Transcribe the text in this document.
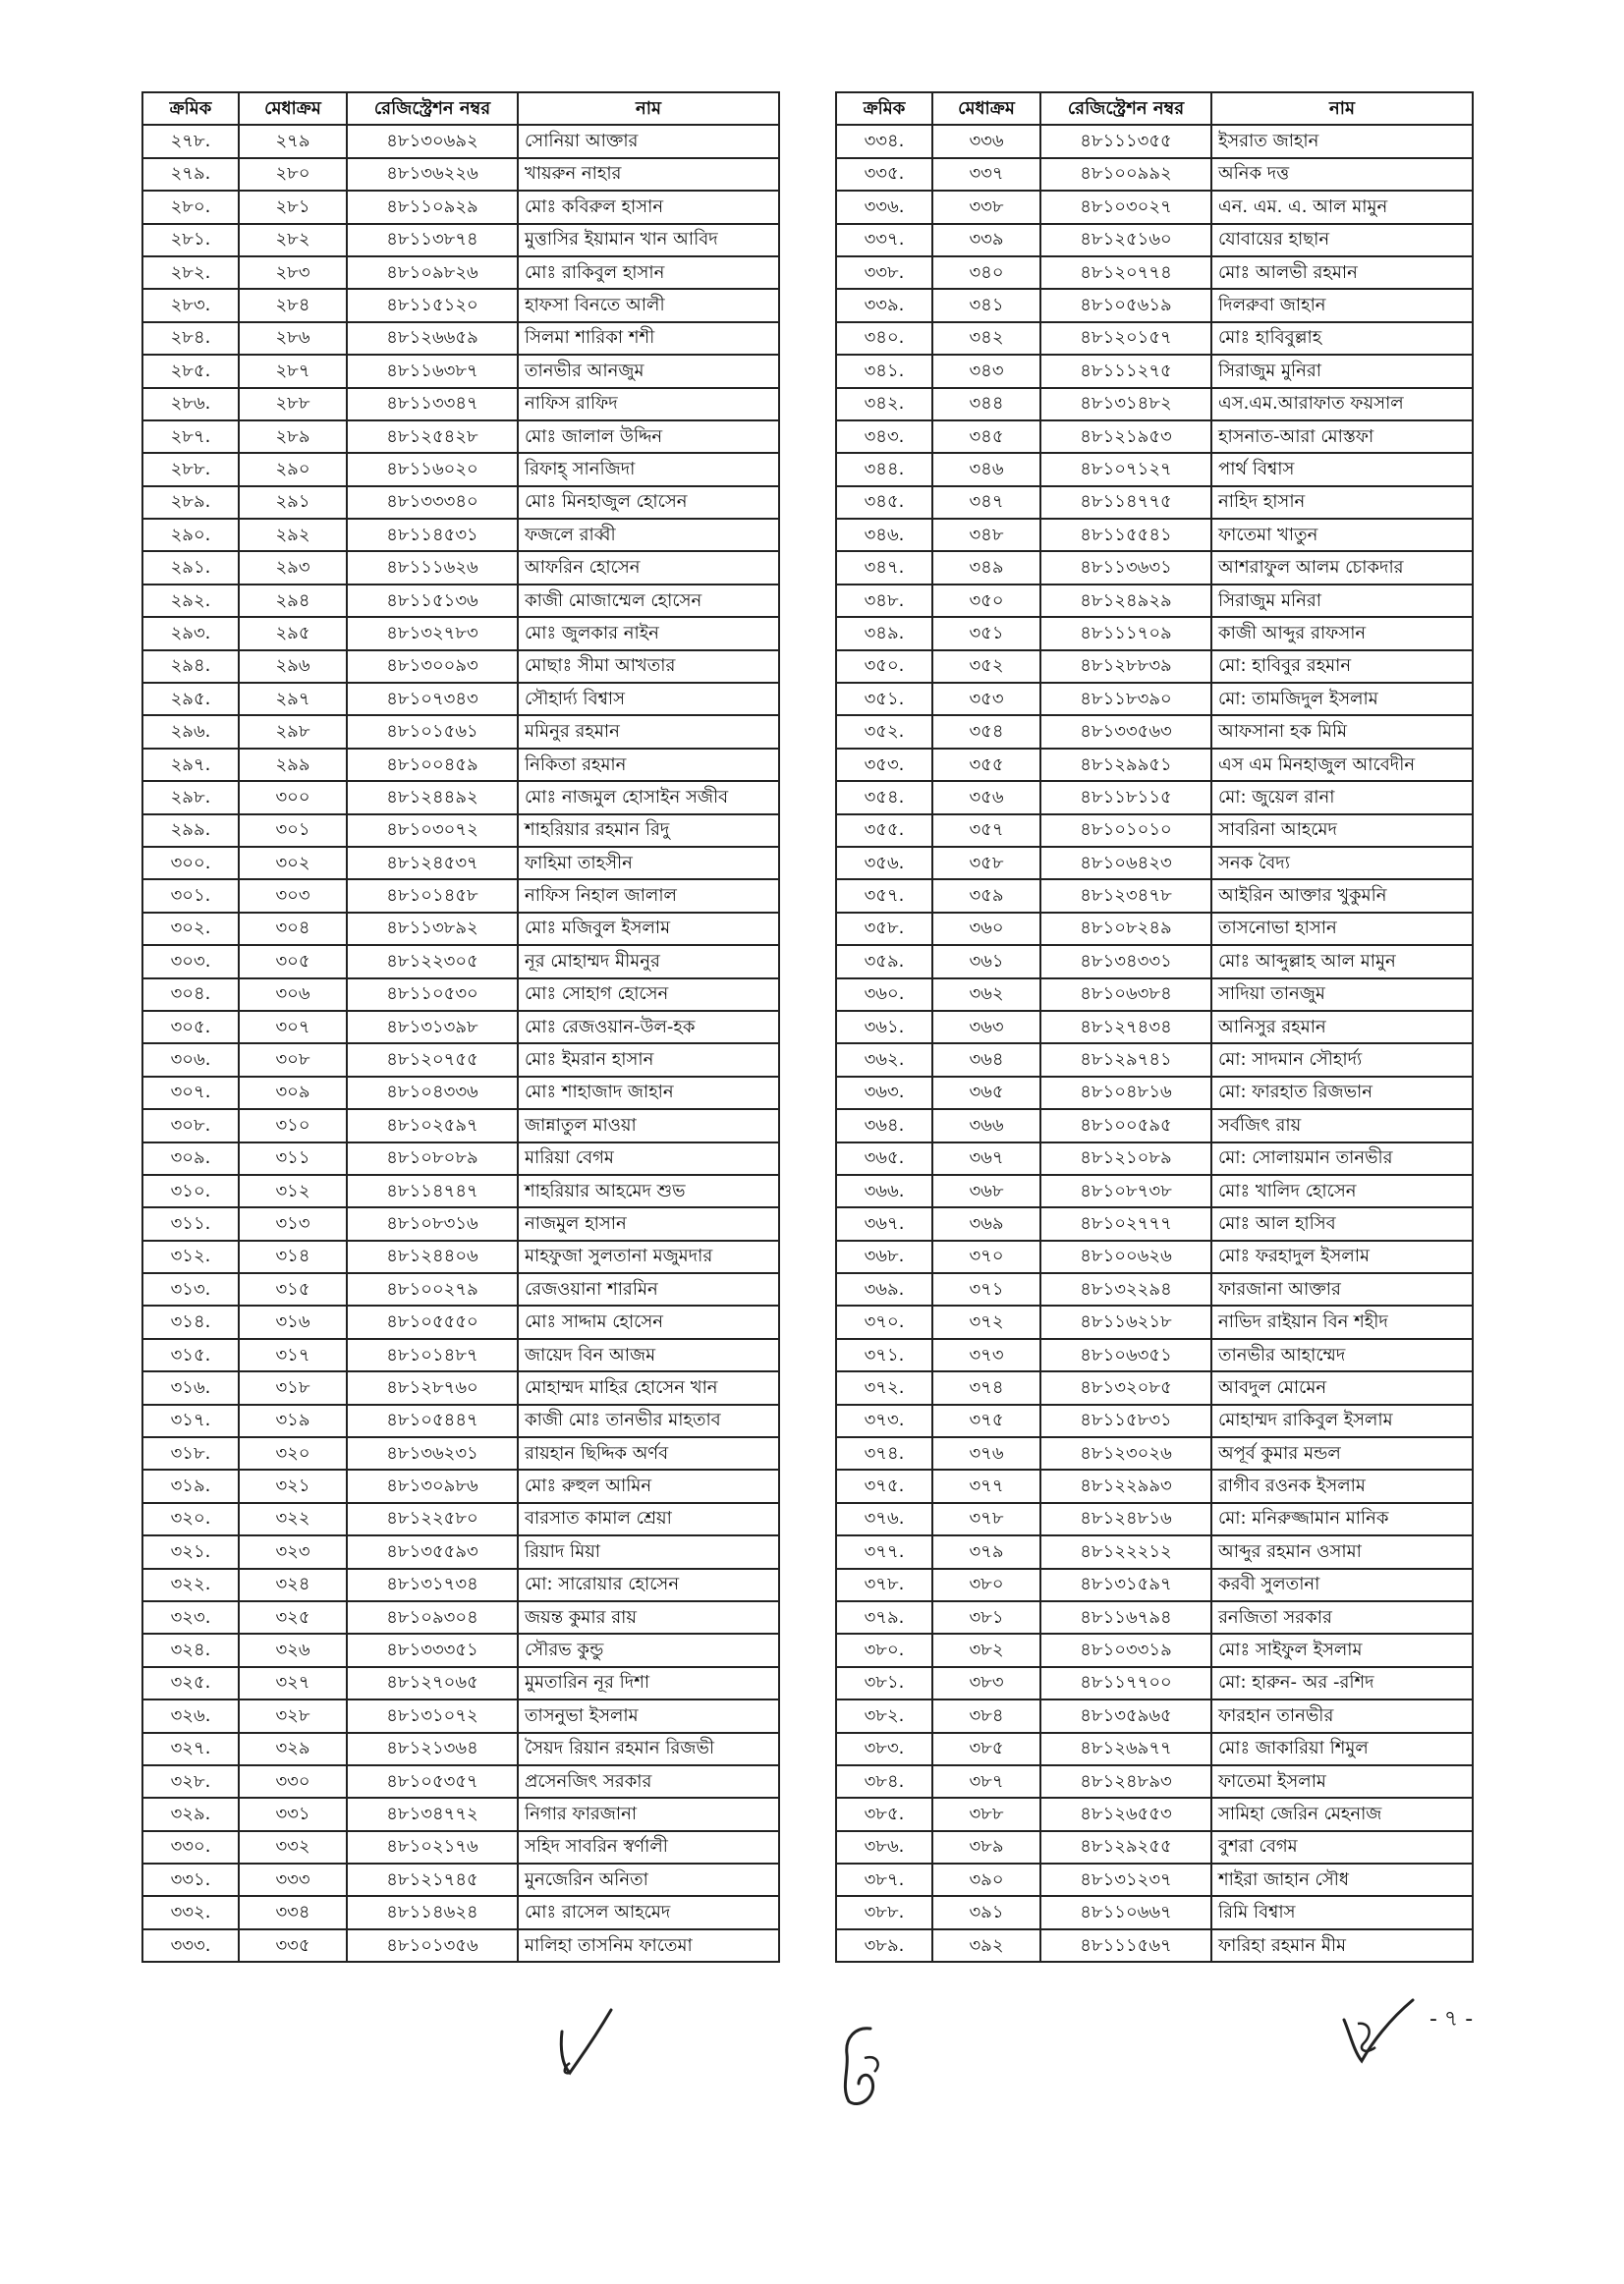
ক্রমিক	মেধাক্রম	রেজিস্ট্রেশন নম্বর	নাম
২৭৮.	২৭৯	৪৮১৩০৬৯২	সোনিয়া আক্তার
২৭৯.	২৮০	৪৮১৩৬২২৬	খায়রুন নাহার
২৮০.	২৮১	৪৮১১০৯২৯	মোঃ কবিরুল হাসান
২৮১.	২৮২	৪৮১১৩৮৭৪	মুত্তাসির ইয়ামান খান আবিদ
২৮২.	২৮৩	৪৮১০৯৮২৬	মোঃ রাকিবুল হাসান
২৮৩.	২৮৪	৪৮১১৫১২০	হাফসা বিনতে আলী
২৮৪.	২৮৬	৪৮১২৬৬৫৯	সিলমা শারিকা শশী
২৮৫.	২৮৭	৪৮১১৬৩৮৭	তানভীর আনজুম
২৮৬.	২৮৮	৪৮১১৩৩৪৭	নাফিস রাফিদ
২৮৭.	২৮৯	৪৮১২৫৪২৮	মোঃ জালাল উদ্দিন
২৮৮.	২৯০	৪৮১১৬০২০	রিফাহ্‌ সানজিদা
২৮৯.	২৯১	৪৮১৩৩৩৪০	মোঃ মিনহাজুল হোসেন
২৯০.	২৯২	৪৮১১৪৫৩১	ফজলে রাব্বী
২৯১.	২৯৩	৪৮১১১৬২৬	আফরিন হোসেন
২৯২.	২৯৪	৪৮১১৫১৩৬	কাজী মোজাম্মেল হোসেন
২৯৩.	২৯৫	৪৮১৩২৭৮৩	মোঃ জুলকার নাইন
২৯৪.	২৯৬	৪৮১৩০০৯৩	মোছাঃ সীমা আখতার
২৯৫.	২৯৭	৪৮১০৭৩৪৩	সৌহার্দ্য বিশ্বাস
২৯৬.	২৯৮	৪৮১০১৫৬১	মমিনুর রহমান
২৯৭.	২৯৯	৪৮১০০৪৫৯	নিকিতা রহমান
২৯৮.	৩০০	৪৮১২৪৪৯২	মোঃ নাজমুল হোসাইন সজীব
২৯৯.	৩০১	৪৮১০৩০৭২	শাহরিয়ার রহমান রিদু
৩০০.	৩০২	৪৮১২৪৫৩৭	ফাহিমা তাহসীন
৩০১.	৩০৩	৪৮১০১৪৫৮	নাফিস নিহাল জালাল
৩০২.	৩০৪	৪৮১১৩৮৯২	মোঃ মজিবুল ইসলাম
৩০৩.	৩০৫	৪৮১২২৩০৫	নূর মোহাম্মদ মীমনুর
৩০৪.	৩০৬	৪৮১১০৫৩০	মোঃ সোহাগ হোসেন
৩০৫.	৩০৭	৪৮১৩১৩৯৮	মোঃ রেজওয়ান-উল-হক
৩০৬.	৩০৮	৪৮১২০৭৫৫	মোঃ ইমরান হাসান
৩০৭.	৩০৯	৪৮১০৪৩৩৬	মোঃ শাহাজাদ জাহান
৩০৮.	৩১০	৪৮১০২৫৯৭	জান্নাতুল মাওয়া
৩০৯.	৩১১	৪৮১০৮০৮৯	মারিয়া বেগম
৩১০.	৩১২	৪৮১১৪৭৪৭	শাহরিয়ার আহমেদ শুভ
৩১১.	৩১৩	৪৮১০৮৩১৬	নাজমুল হাসান
৩১২.	৩১৪	৪৮১২৪৪০৬	মাহফুজা সুলতানা মজুমদার
৩১৩.	৩১৫	৪৮১০০২৭৯	রেজওয়ানা শারমিন
৩১৪.	৩১৬	৪৮১০৫৫৫০	মোঃ সাদ্দাম হোসেন
৩১৫.	৩১৭	৪৮১০১৪৮৭	জায়েদ বিন আজম
৩১৬.	৩১৮	৪৮১২৮৭৬০	মোহাম্মদ মাহির হোসেন খান
৩১৭.	৩১৯	৪৮১০৫৪৪৭	কাজী মোঃ তানভীর মাহতাব
৩১৮.	৩২০	৪৮১৩৬২৩১	রায়হান ছিদ্দিক অর্ণব
৩১৯.	৩২১	৪৮১৩০৯৮৬	মোঃ রুহুল আমিন
৩২০.	৩২২	৪৮১২২৫৮০	বারসাত কামাল শ্রেয়া
৩২১.	৩২৩	৪৮১৩৫৫৯৩	রিয়াদ মিয়া
৩২২.	৩২৪	৪৮১৩১৭৩৪	মো: সারোয়ার হোসেন
৩২৩.	৩২৫	৪৮১০৯৩০৪	জয়ন্ত কুমার রায়
৩২৪.	৩২৬	৪৮১৩৩৩৫১	সৌরভ কুন্ডু
৩২৫.	৩২৭	৪৮১২৭০৬৫	মুমতারিন নূর দিশা
৩২৬.	৩২৮	৪৮১৩১০৭২	তাসনুভা ইসলাম
৩২৭.	৩২৯	৪৮১২১৩৬৪	সৈয়দ রিয়ান রহমান রিজভী
৩২৮.	৩৩০	৪৮১০৫৩৫৭	প্রসেনজিৎ সরকার
৩২৯.	৩৩১	৪৮১৩৪৭৭২	নিগার ফারজানা
৩৩০.	৩৩২	৪৮১০২১৭৬	সহিদ সাবরিন স্বর্ণালী
৩৩১.	৩৩৩	৪৮১২১৭৪৫	মুনজেরিন অনিতা
৩৩২.	৩৩৪	৪৮১১৪৬২৪	মোঃ রাসেল আহমেদ
৩৩৩.	৩৩৫	৪৮১০১৩৫৬	মালিহা তাসনিম ফাতেমা
ক্রমিক	মেধাক্রম	রেজিস্ট্রেশন নম্বর	নাম
৩৩৪.	৩৩৬	৪৮১১১৩৫৫	ইসরাত জাহান
৩৩৫.	৩৩৭	৪৮১০০৯৯২	অনিক দত্ত
৩৩৬.	৩৩৮	৪৮১০৩০২৭	এন. এম. এ. আল মামুন
৩৩৭.	৩৩৯	৪৮১২৫১৬০	যোবায়ের হাছান
৩৩৮.	৩৪০	৪৮১২০৭৭৪	মোঃ আলভী রহমান
৩৩৯.	৩৪১	৪৮১০৫৬১৯	দিলরুবা জাহান
৩৪০.	৩৪২	৪৮১২০১৫৭	মোঃ হাবিবুল্লাহ
৩৪১.	৩৪৩	৪৮১১১২৭৫	সিরাজুম মুনিরা
৩৪২.	৩৪৪	৪৮১৩১৪৮২	এস.এম.আরাফাত ফয়সাল
৩৪৩.	৩৪৫	৪৮১২১৯৫৩	হাসনাত-আরা মোস্তফা
৩৪৪.	৩৪৬	৪৮১০৭১২৭	পার্থ বিশ্বাস
৩৪৫.	৩৪৭	৪৮১১৪৭৭৫	নাহিদ হাসান
৩৪৬.	৩৪৮	৪৮১১৫৫৪১	ফাতেমা খাতুন
৩৪৭.	৩৪৯	৪৮১১৩৬৩১	আশরাফুল আলম চোকদার
৩৪৮.	৩৫০	৪৮১২৪৯২৯	সিরাজুম মনিরা
৩৪৯.	৩৫১	৪৮১১১৭০৯	কাজী আব্দুর রাফসান
৩৫০.	৩৫২	৪৮১২৮৮৩৯	মো: হাবিবুর রহমান
৩৫১.	৩৫৩	৪৮১১৮৩৯০	মো: তামজিদুল ইসলাম
৩৫২.	৩৫৪	৪৮১৩৩৫৬৩	আফসানা হক মিমি
৩৫৩.	৩৫৫	৪৮১২৯৯৫১	এস এম মিনহাজুল আবেদীন
৩৫৪.	৩৫৬	৪৮১১৮১১৫	মো: জুয়েল রানা
৩৫৫.	৩৫৭	৪৮১০১০১০	সাবরিনা আহমেদ
৩৫৬.	৩৫৮	৪৮১০৬৪২৩	সনক বৈদ্য
৩৫৭.	৩৫৯	৪৮১২৩৪৭৮	আইরিন আক্তার খুকুমনি
৩৫৮.	৩৬০	৪৮১০৮২৪৯	তাসনোভা হাসান
৩৫৯.	৩৬১	৪৮১৩৪৩৩১	মোঃ আব্দুল্লাহ আল মামুন
৩৬০.	৩৬২	৪৮১০৬৩৮৪	সাদিয়া তানজুম
৩৬১.	৩৬৩	৪৮১২৭৪৩৪	আনিসুর রহমান
৩৬২.	৩৬৪	৪৮১২৯৭৪১	মো: সাদমান সৌহার্দ্য
৩৬৩.	৩৬৫	৪৮১০৪৮১৬	মো: ফারহাত রিজভান
৩৬৪.	৩৬৬	৪৮১০০৫৯৫	সর্বজিৎ রায়
৩৬৫.	৩৬৭	৪৮১২১০৮৯	মো: সোলায়মান তানভীর
৩৬৬.	৩৬৮	৪৮১০৮৭৩৮	মোঃ খালিদ হোসেন
৩৬৭.	৩৬৯	৪৮১০২৭৭৭	মোঃ আল হাসিব
৩৬৮.	৩৭০	৪৮১০০৬২৬	মোঃ ফরহাদুল ইসলাম
৩৬৯.	৩৭১	৪৮১৩২২৯৪	ফারজানা আক্তার
৩৭০.	৩৭২	৪৮১১৬২১৮	নাভিদ রাইয়ান বিন শহীদ
৩৭১.	৩৭৩	৪৮১০৬৩৫১	তানভীর আহাম্মেদ
৩৭২.	৩৭৪	৪৮১৩২০৮৫	আবদুল মোমেন
৩৭৩.	৩৭৫	৪৮১১৫৮৩১	মোহাম্মদ রাকিবুল ইসলাম
৩৭৪.	৩৭৬	৪৮১২৩০২৬	অপূর্ব কুমার মন্ডল
৩৭৫.	৩৭৭	৪৮১২২৯৯৩	রাগীব রওনক ইসলাম
৩৭৬.	৩৭৮	৪৮১২৪৮১৬	মো: মনিরুজ্জামান মানিক
৩৭৭.	৩৭৯	৪৮১২২২১২	আব্দুর রহমান ওসামা
৩৭৮.	৩৮০	৪৮১৩১৫৯৭	করবী সুলতানা
৩৭৯.	৩৮১	৪৮১১৬৭৯৪	রনজিতা সরকার
৩৮০.	৩৮২	৪৮১০৩৩১৯	মোঃ সাইফুল ইসলাম
৩৮১.	৩৮৩	৪৮১১৭৭০০	মো: হারুন- অর -রশিদ
৩৮২.	৩৮৪	৪৮১৩৫৯৬৫	ফারহান তানভীর
৩৮৩.	৩৮৫	৪৮১২৬৯৭৭	মোঃ জাকারিয়া শিমুল
৩৮৪.	৩৮৭	৪৮১২৪৮৯৩	ফাতেমা ইসলাম
৩৮৫.	৩৮৮	৪৮১২৬৫৫৩	সামিহা জেরিন মেহনাজ
৩৮৬.	৩৮৯	৪৮১২৯২৫৫	বুশরা বেগম
৩৮৭.	৩৯০	৪৮১৩১২৩৭	শাইরা জাহান সৌধ
৩৮৮.	৩৯১	৪৮১১০৬৬৭	রিমি বিশ্বাস
৩৮৯.	৩৯২	৪৮১১১৫৬৭	ফারিহা রহমান মীম
- ৭ -
